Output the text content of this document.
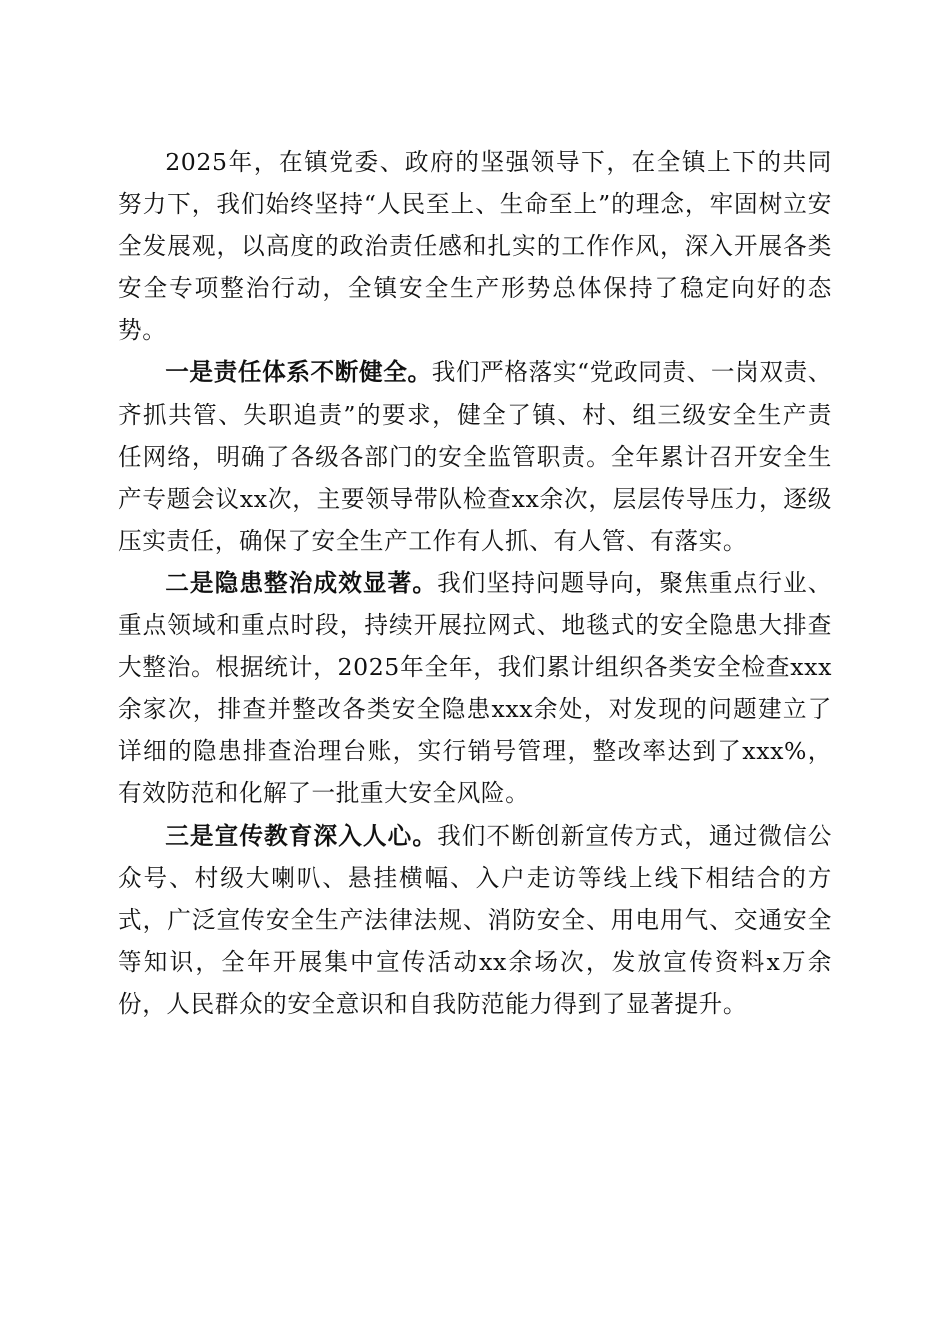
2025年，在镇党委、政府的坚强领导下，在全镇上下的共同努力下，我们始终坚持“人民至上、生命至上”的理念，牢固树立安全发展观，以高度的政治责任感和扎实的工作作风，深入开展各类安全专项整治行动，全镇安全生产形势总体保持了稳定向好的态势。

一是责任体系不断健全。我们严格落实“党政同责、一岗双责、齐抓共管、失职追责”的要求，健全了镇、村、组三级安全生产责任网络，明确了各级各部门的安全监管职责。全年累计召开安全生产专题会议xx次，主要领导带队检查xx余次，层层传导压力，逐级压实责任，确保了安全生产工作有人抓、有人管、有落实。

二是隐患整治成效显著。我们坚持问题导向，聚焦重点行业、重点领域和重点时段，持续开展拉网式、地毯式的安全隐患大排查大整治。根据统计，2025年全年，我们累计组织各类安全检查xxx余家次，排查并整改各类安全隐患xxx余处，对发现的问题建立了详细的隐患排查治理台账，实行销号管理，整改率达到了xxx%，有效防范和化解了一批重大安全风险。

三是宣传教育深入人心。我们不断创新宣传方式，通过微信公众号、村级大喇叭、悬挂横幅、入户走访等线上线下相结合的方式，广泛宣传安全生产法律法规、消防安全、用电用气、交通安全等知识，全年开展集中宣传活动xx余场次，发放宣传资料x万余份，人民群众的安全意识和自我防范能力得到了显著提升。
